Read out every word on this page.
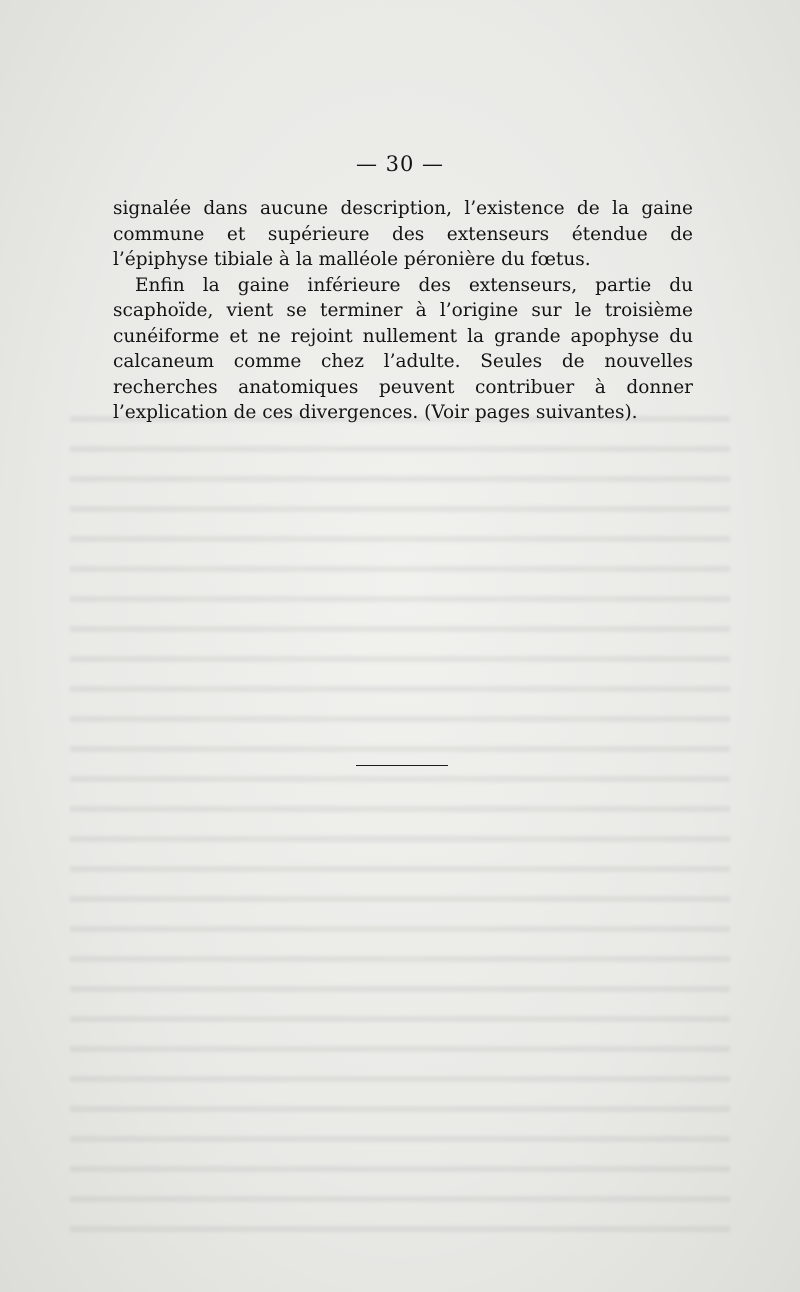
— 30 —

signalée dans aucune description, l’existence de la gaine commune et supérieure des extenseurs étendue de l’épiphyse tibiale à la malléole péronière du fœtus.

Enfin la gaine inférieure des extenseurs, partie du scaphoïde, vient se terminer à l’origine sur le troisième cunéiforme et ne rejoint nullement la grande apophyse du calcaneum comme chez l’adulte. Seules de nouvelles recherches anatomiques peuvent contribuer à donner l’explication de ces divergences. (Voir pages suivantes).
